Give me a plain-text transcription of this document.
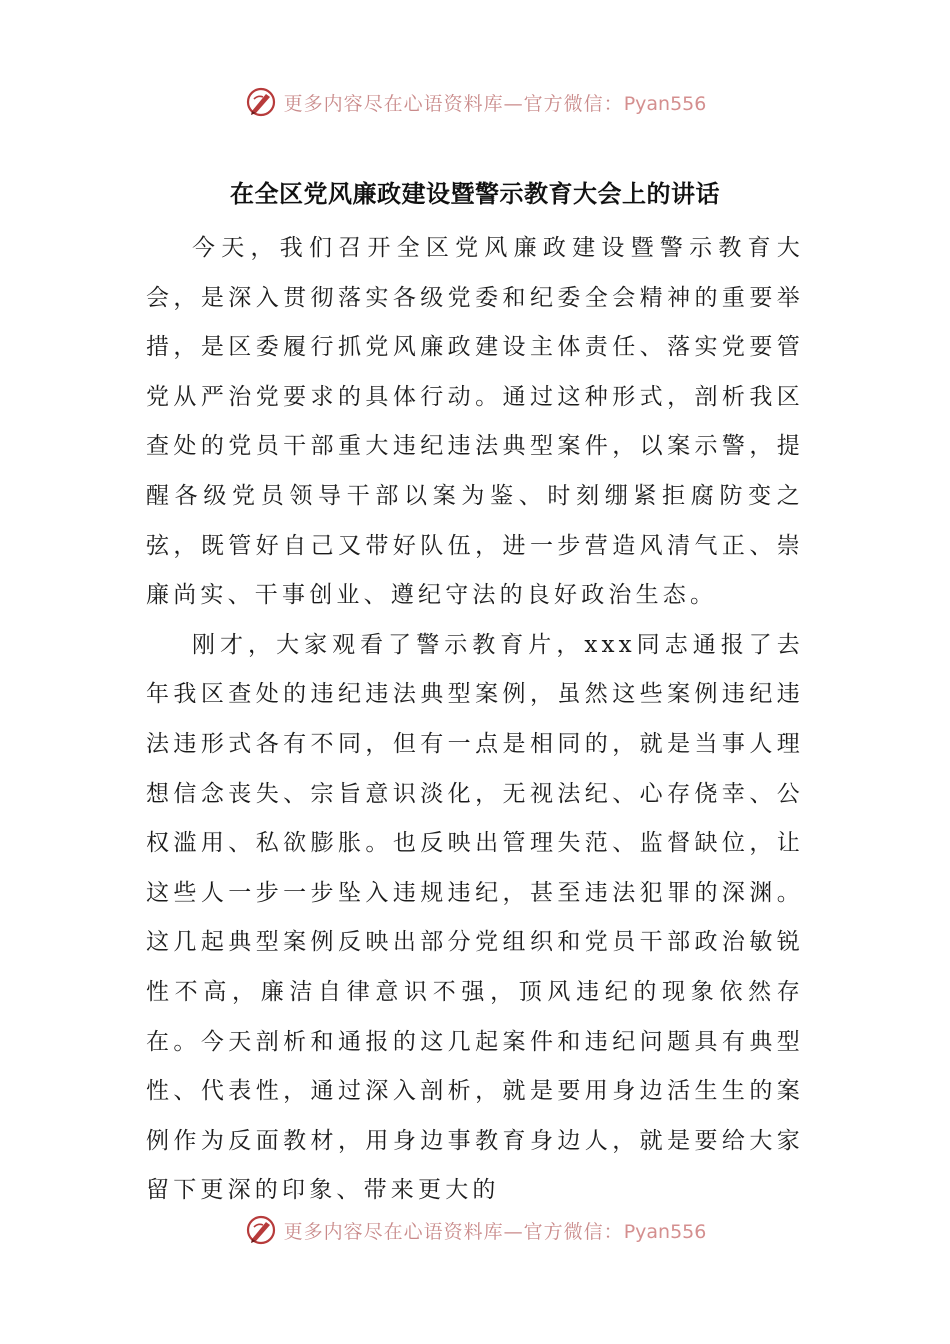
更多内容尽在心语资料库—官方微信：Pyan556
在全区党风廉政建设暨警示教育大会上的讲话

今天，我们召开全区党风廉政建设暨警示教育大会，是深入贯彻落实各级党委和纪委全会精神的重要举措，是区委履行抓党风廉政建设主体责任、落实党要管党从严治党要求的具体行动。通过这种形式，剖析我区查处的党员干部重大违纪违法典型案件，以案示警，提醒各级党员领导干部以案为鉴、时刻绷紧拒腐防变之弦，既管好自己又带好队伍，进一步营造风清气正、崇廉尚实、干事创业、遵纪守法的良好政治生态。

刚才，大家观看了警示教育片，xxx同志通报了去年我区查处的违纪违法典型案例，虽然这些案例违纪违法违形式各有不同，但有一点是相同的，就是当事人理想信念丧失、宗旨意识淡化，无视法纪、心存侥幸、公权滥用、私欲膨胀。也反映出管理失范、监督缺位，让这些人一步一步坠入违规违纪，甚至违法犯罪的深渊。这几起典型案例反映出部分党组织和党员干部政治敏锐性不高，廉洁自律意识不强，顶风违纪的现象依然存在。今天剖析和通报的这几起案件和违纪问题具有典型性、代表性，通过深入剖析，就是要用身边活生生的案例作为反面教材，用身边事教育身边人，就是要给大家留下更深的印象、带来更大的

更多内容尽在心语资料库—官方微信：Pyan556
